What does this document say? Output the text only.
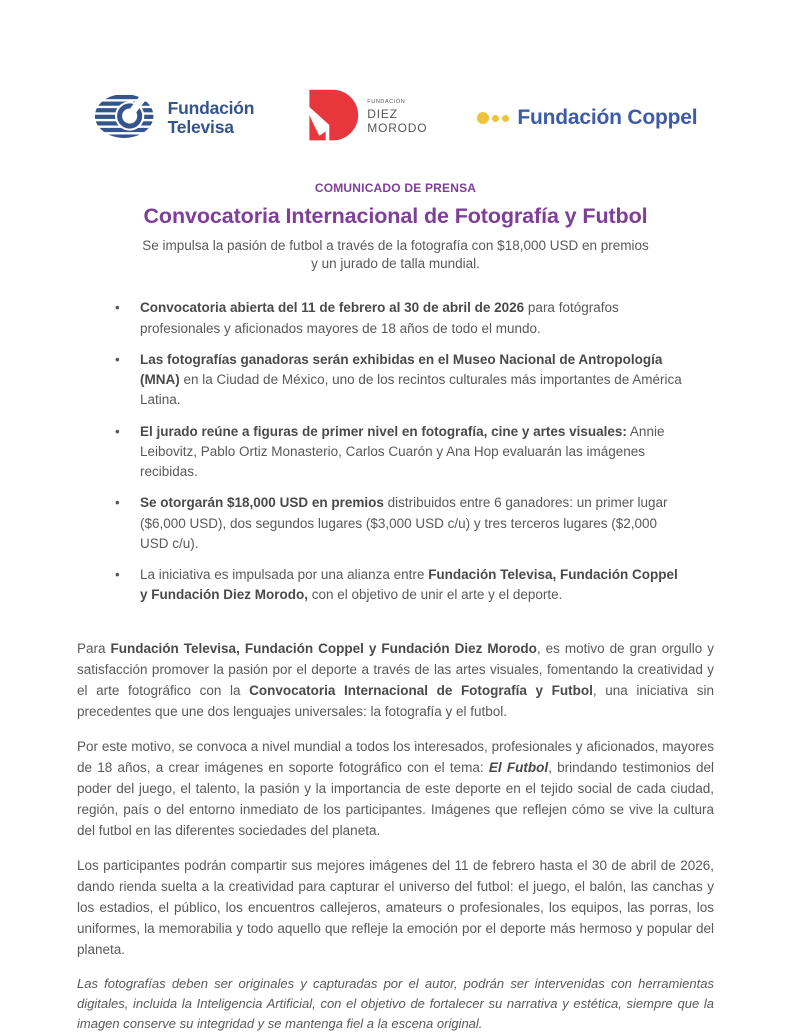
Fundación
Televisa
FUNDACIÓN
DIEZ
MORODO	Fundación Coppel
COMUNICADO DE PRENSA
Convocatoria Internacional de Fotografía y Futbol

Se impulsa la pasión de futbol a través de la fotografía con $18,000 USD en premios
y un jurado de talla mundial.

• Convocatoria abierta del 11 de febrero al 30 de abril de 2026 para fotógrafos profesionales y aficionados mayores de 18 años de todo el mundo.
• Las fotografías ganadoras serán exhibidas en el Museo Nacional de Antropología (MNA) en la Ciudad de México, uno de los recintos culturales más importantes de América Latina.
• El jurado reúne a figuras de primer nivel en fotografía, cine y artes visuales: Annie Leibovitz, Pablo Ortiz Monasterio, Carlos Cuarón y Ana Hop evaluarán las imágenes recibidas.
• Se otorgarán $18,000 USD en premios distribuidos entre 6 ganadores: un primer lugar ($6,000 USD), dos segundos lugares ($3,000 USD c/u) y tres terceros lugares ($2,000 USD c/u).
• La iniciativa es impulsada por una alianza entre Fundación Televisa, Fundación Coppel y Fundación Diez Morodo, con el objetivo de unir el arte y el deporte.

Para Fundación Televisa, Fundación Coppel y Fundación Diez Morodo, es motivo de gran orgullo y satisfacción promover la pasión por el deporte a través de las artes visuales, fomentando la creatividad y el arte fotográfico con la Convocatoria Internacional de Fotografía y Futbol, una iniciativa sin precedentes que une dos lenguajes universales: la fotografía y el futbol.

Por este motivo, se convoca a nivel mundial a todos los interesados, profesionales y aficionados, mayores de 18 años, a crear imágenes en soporte fotográfico con el tema: El Futbol, brindando testimonios del poder del juego, el talento, la pasión y la importancia de este deporte en el tejido social de cada ciudad, región, país o del entorno inmediato de los participantes. Imágenes que reflejen cómo se vive la cultura del futbol en las diferentes sociedades del planeta.

Los participantes podrán compartir sus mejores imágenes del 11 de febrero hasta el 30 de abril de 2026, dando rienda suelta a la creatividad para capturar el universo del futbol: el juego, el balón, las canchas y los estadios, el público, los encuentros callejeros, amateurs o profesionales, los equipos, las porras, los uniformes, la memorabilia y todo aquello que refleje la emoción por el deporte más hermoso y popular del planeta.

Las fotografías deben ser originales y capturadas por el autor, podrán ser intervenidas con herramientas digitales, incluida la Inteligencia Artificial, con el objetivo de fortalecer su narrativa y estética, siempre que la imagen conserve su integridad y se mantenga fiel a la escena original.
